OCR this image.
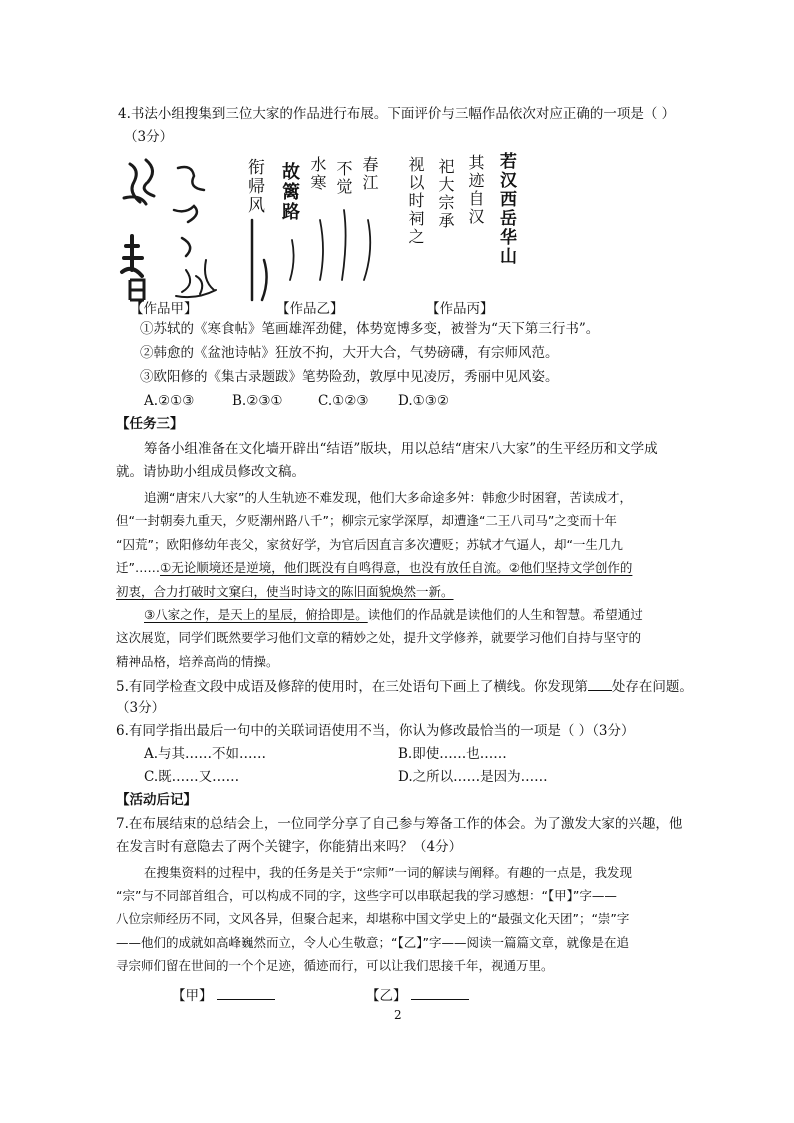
4.书法小组搜集到三位大家的作品进行布展。下面评价与三幅作品依次对应正确的一项是（ ）
（3分）
春江
不觉
水寒
故篱路
衔帰风	若汉西岳华山
其迹自汉
祀大宗承
视以时祠之
【作品甲】	【作品乙】	【作品丙】
①苏轼的《寒食帖》笔画雄浑劲健，体势宽博多变，被誉为“天下第三行书”。
②韩愈的《盆池诗帖》狂放不拘，大开大合，气势磅礴，有宗师风范。
③欧阳修的《集古录题跋》笔势险劲，敦厚中见凌厉，秀丽中见风姿。
A.②①③	B.②③①	C.①②③ D.①③②
【任务三】
筹备小组准备在文化墙开辟出“结语”版块，用以总结“唐宋八大家”的生平经历和文学成
就。请协助小组成员修改文稿。
追溯“唐宋八大家”的人生轨迹不难发现，他们大多命途多舛：韩愈少时困窘，苦读成才，
但“一封朝奏九重天，夕贬潮州路八千”；柳宗元家学深厚，却遭逢“二王八司马”之变而十年
“囚荒”；欧阳修幼年丧父，家贫好学，为官后因直言多次遭贬；苏轼才气逼人，却“一生几九
迁”……①无论顺境还是逆境，他们既没有自鸣得意，也没有放任自流。②他们坚持文学创作的
初衷，合力打破时文窠臼，使当时诗文的陈旧面貌焕然一新。
③八家之作，是天上的星辰，俯拾即是。读他们的作品就是读他们的人生和智慧。希望通过
这次展览，同学们既然要学习他们文章的精妙之处，提升文学修养，就要学习他们自持与坚守的
精神品格，培养高尚的情操。
5.有同学检查文段中成语及修辞的使用时，在三处语句下画上了横线。你发现第 处存在问题。
（3分）
6.有同学指出最后一句中的关联词语使用不当，你认为修改最恰当的一项是（ ）（3分）
A.与其……不如……	B.即使……也……
C.既……又……	D.之所以……是因为……
【活动后记】
7.在布展结束的总结会上，一位同学分享了自己参与筹备工作的体会。为了激发大家的兴趣，他
在发言时有意隐去了两个关键字，你能猜出来吗？（4分）
在搜集资料的过程中，我的任务是关于“宗师”一词的解读与阐释。有趣的一点是，我发现
“宗”与不同部首组合，可以构成不同的字，这些字可以串联起我的学习感想：“【甲】”字——
八位宗师经历不同，文风各异，但聚合起来，却堪称中国文学史上的“最强文化天团”；“崇”字
——他们的成就如高峰巍然而立，令人心生敬意；“【乙】”字——阅读一篇篇文章，就像是在追
寻宗师们留在世间的一个个足迹，循迹而行，可以让我们思接千年，视通万里。
【甲】	【乙】
2
